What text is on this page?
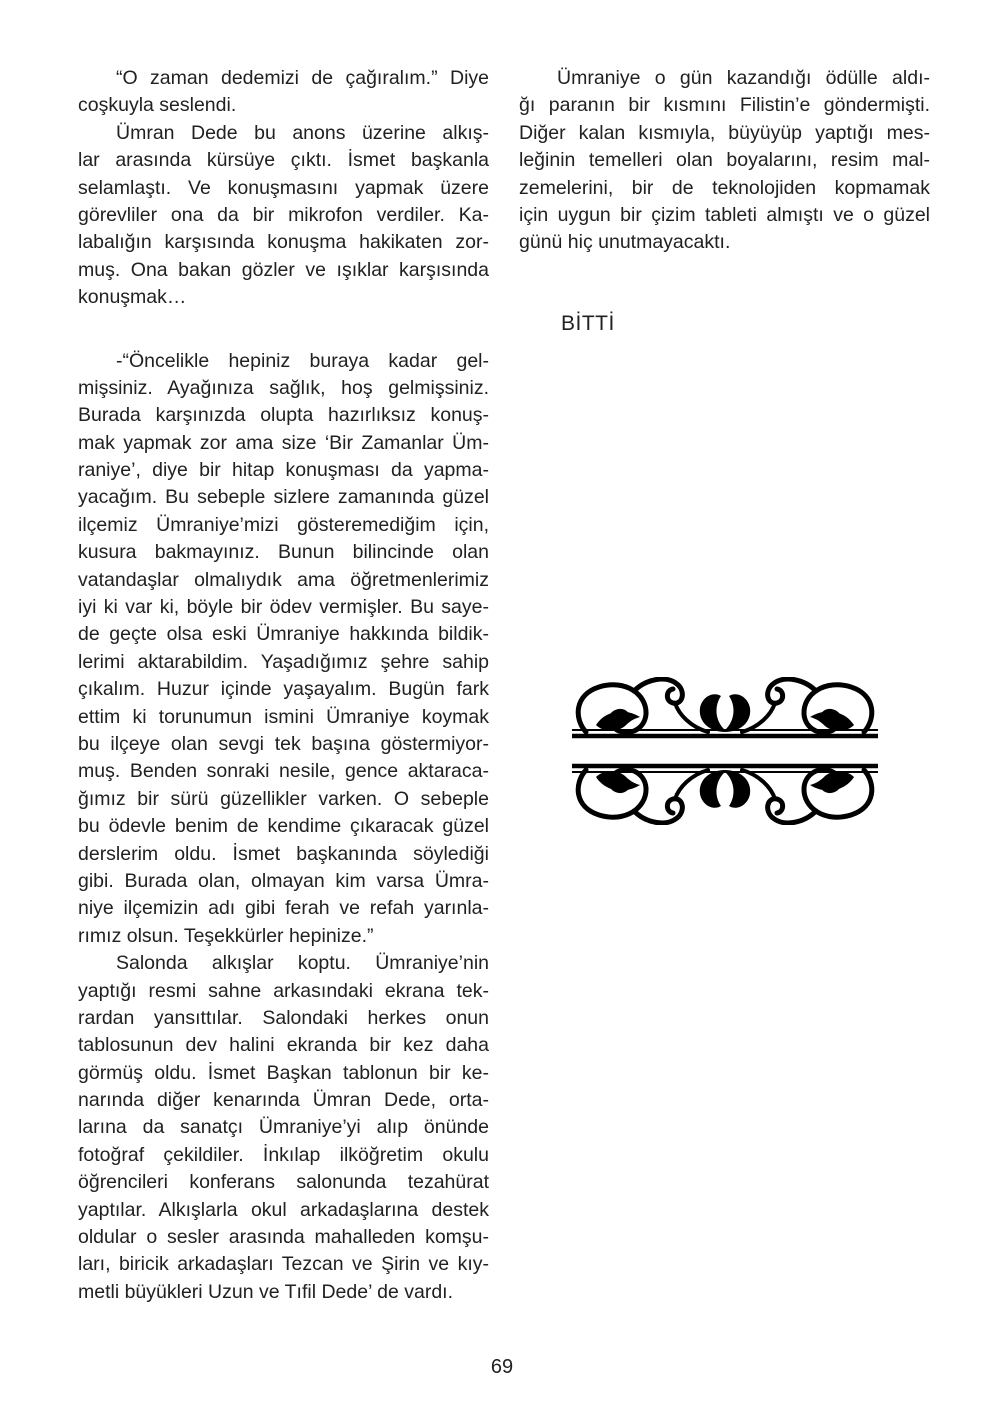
“O zaman dedemizi de çağıralım.” Diye
coşkuyla seslendi.
Ümran Dede bu anons üzerine alkış-
lar arasında kürsüye çıktı. İsmet başkanla
selamlaştı. Ve konuşmasını yapmak üzere
görevliler ona da bir mikrofon verdiler. Ka-
labalığın karşısında konuşma hakikaten zor-
muş. Ona bakan gözler ve ışıklar karşısında
konuşmak…
-“Öncelikle hepiniz buraya kadar gel-
mişsiniz. Ayağınıza sağlık, hoş gelmişsiniz.
Burada karşınızda olupta hazırlıksız konuş-
mak yapmak zor ama size ‘Bir Zamanlar Üm-
raniye’, diye bir hitap konuşması da yapma-
yacağım. Bu sebeple sizlere zamanında güzel
ilçemiz Ümraniye’mizi gösteremediğim için,
kusura bakmayınız. Bunun bilincinde olan
vatandaşlar olmalıydık ama öğretmenlerimiz
iyi ki var ki, böyle bir ödev vermişler. Bu saye-
de geçte olsa eski Ümraniye hakkında bildik-
lerimi aktarabildim. Yaşadığımız şehre sahip
çıkalım. Huzur içinde yaşayalım. Bugün fark
ettim ki torunumun ismini Ümraniye koymak
bu ilçeye olan sevgi tek başına göstermiyor-
muş. Benden sonraki nesile, gence aktaraca-
ğımız bir sürü güzellikler varken. O sebeple
bu ödevle benim de kendime çıkaracak güzel
derslerim oldu. İsmet başkanında söylediği
gibi. Burada olan, olmayan kim varsa Ümra-
niye ilçemizin adı gibi ferah ve refah yarınla-
rımız olsun. Teşekkürler hepinize.”
Salonda alkışlar koptu. Ümraniye’nin
yaptığı resmi sahne arkasındaki ekrana tek-
rardan yansıttılar. Salondaki herkes onun
tablosunun dev halini ekranda bir kez daha
görmüş oldu. İsmet Başkan tablonun bir ke-
narında diğer kenarında Ümran Dede, orta-
larına da sanatçı Ümraniye’yi alıp önünde
fotoğraf çekildiler. İnkılap ilköğretim okulu
öğrencileri konferans salonunda tezahürat
yaptılar. Alkışlarla okul arkadaşlarına destek
oldular o sesler arasında mahalleden komşu-
ları, biricik arkadaşları Tezcan ve Şirin ve kıy-
metli büyükleri Uzun ve Tıfil Dede’ de vardı.
Ümraniye o gün kazandığı ödülle aldı-
ğı paranın bir kısmını Filistin’e göndermişti.
Diğer kalan kısmıyla, büyüyüp yaptığı mes-
leğinin temelleri olan boyalarını, resim mal-
zemelerini, bir de teknolojiden kopmamak
için uygun bir çizim tableti almıştı ve o güzel
günü hiç unutmayacaktı.
BİTTİ
69
